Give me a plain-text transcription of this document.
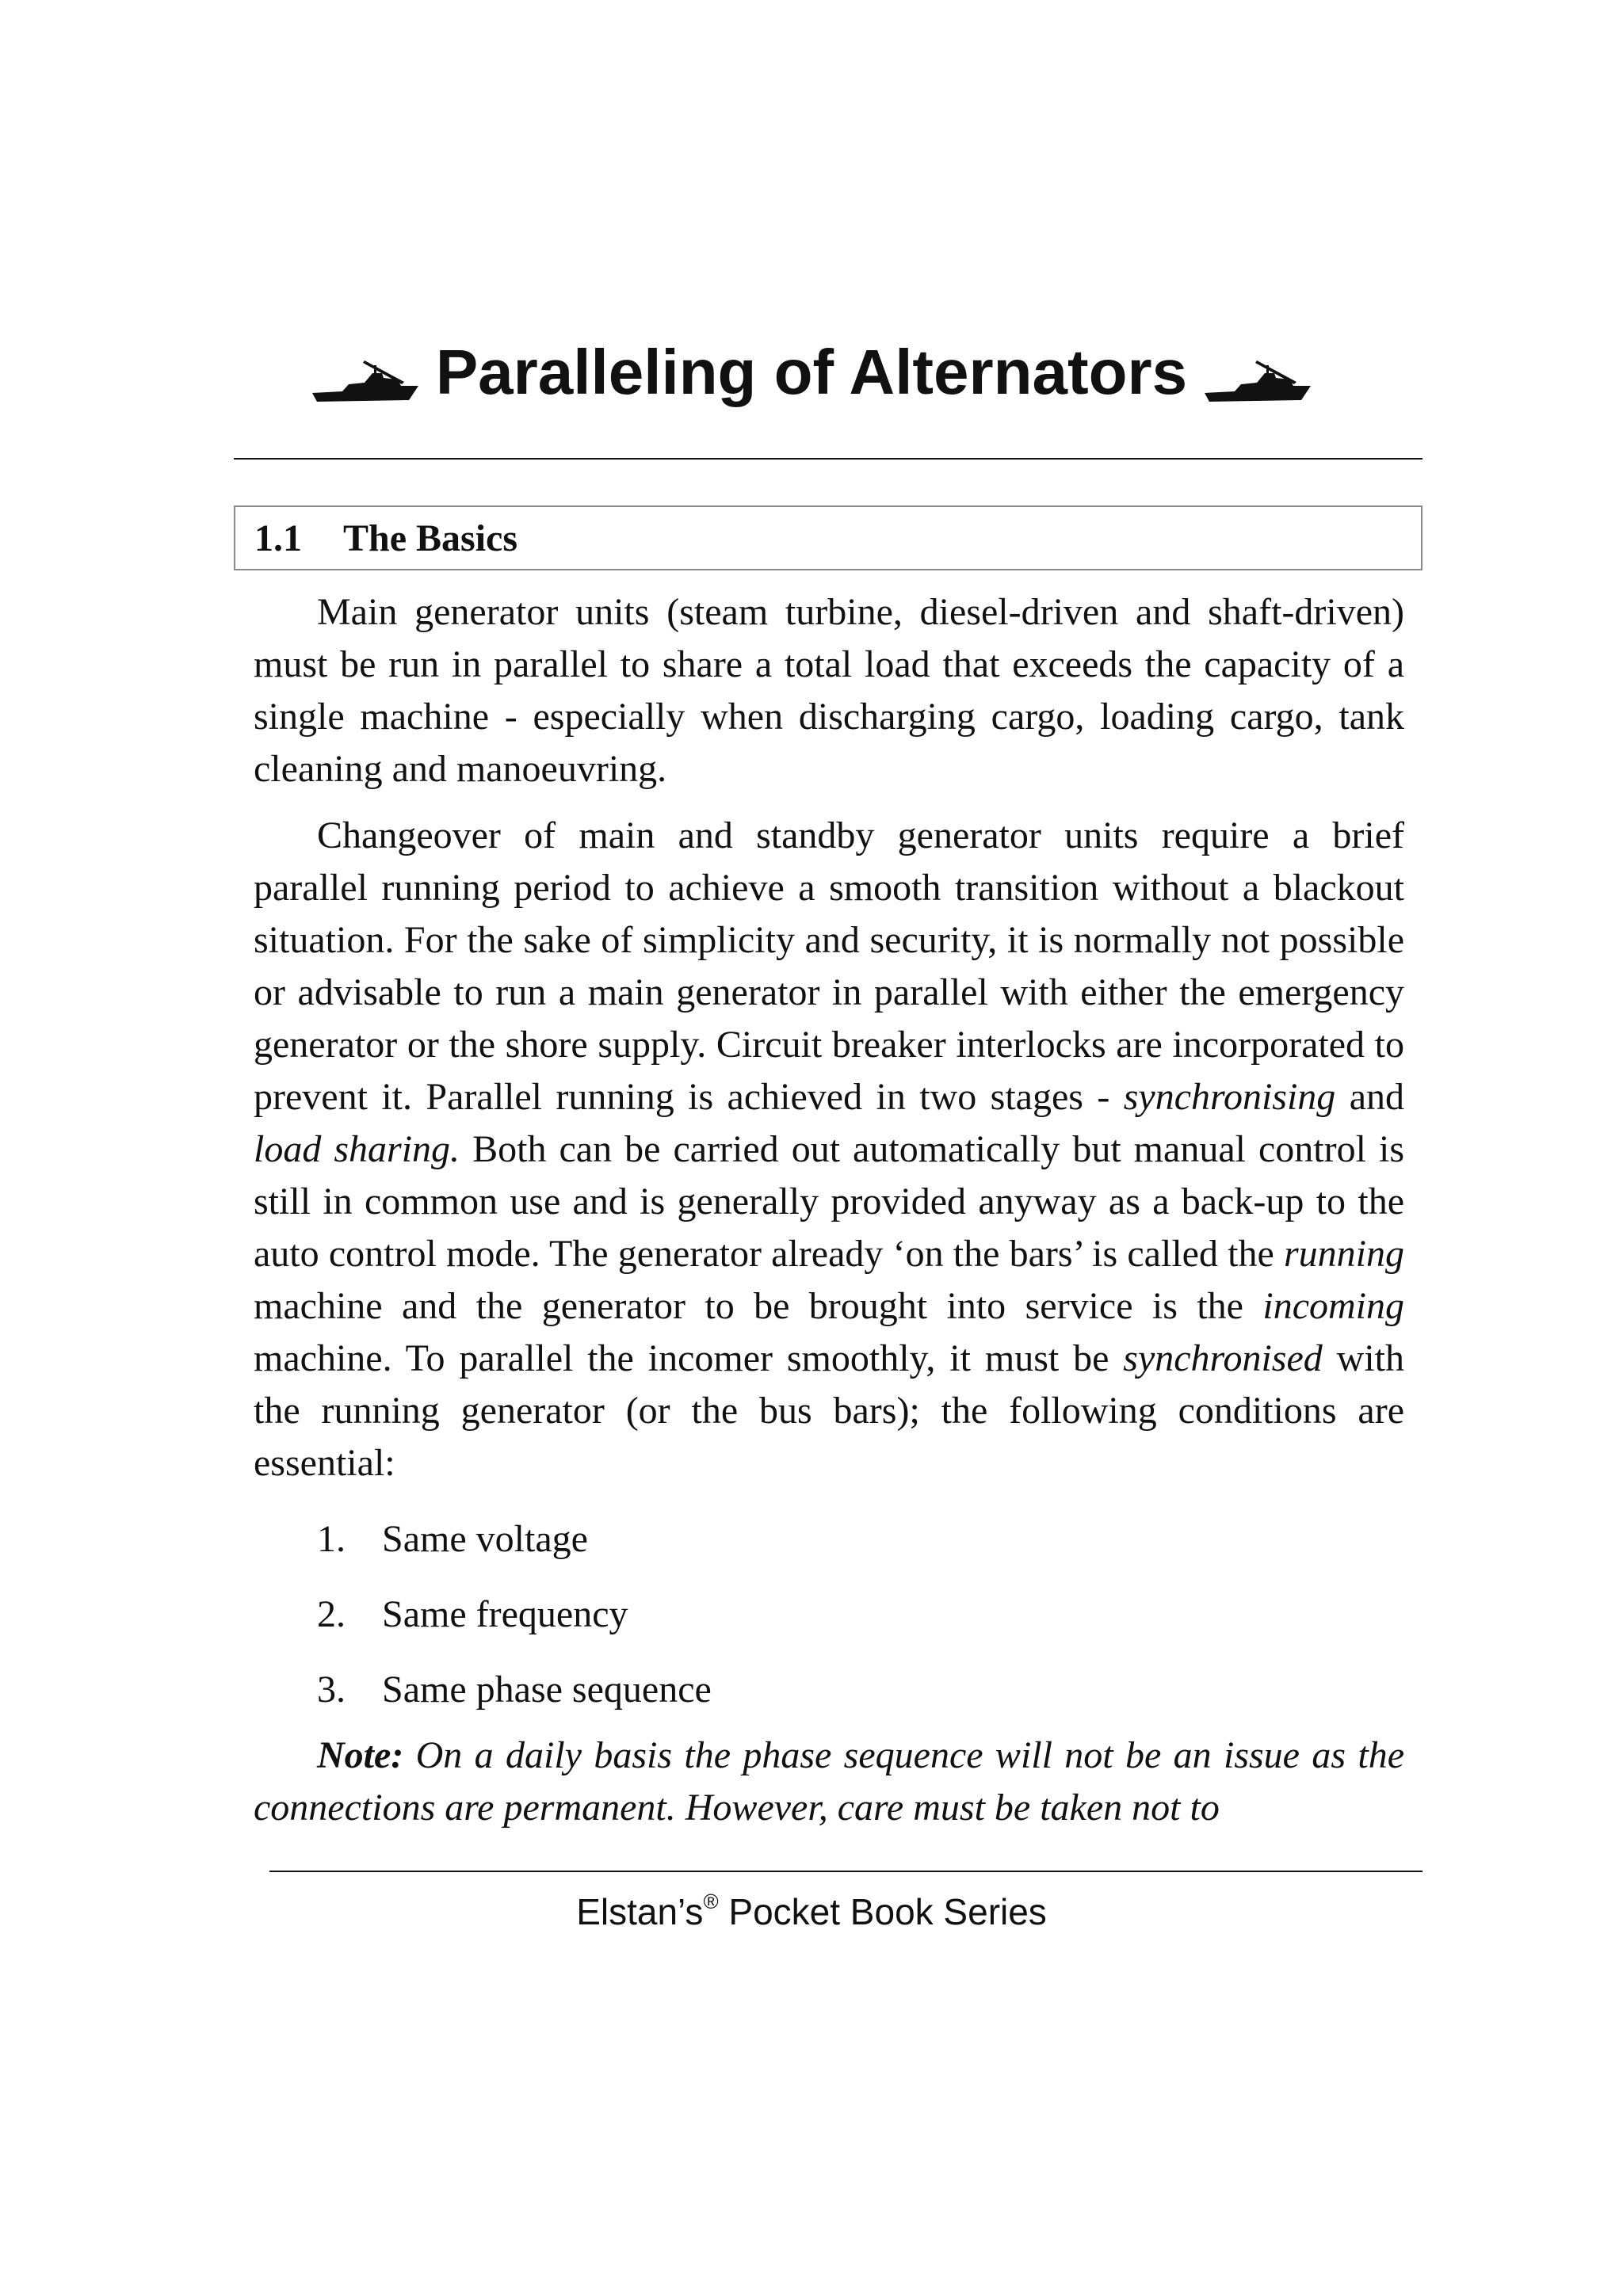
Paralleling of Alternators
1.1	The Basics

Main generator units (steam turbine, diesel-driven and shaft-driven) must be run in parallel to share a total load that exceeds the capacity of a single machine - especially when discharging cargo, loading cargo, tank cleaning and manoeuvring.

Changeover of main and standby generator units require a brief parallel running period to achieve a smooth transition without a blackout situation. For the sake of simplicity and security, it is normally not possible or advisable to run a main generator in parallel with either the emergency generator or the shore supply. Circuit breaker interlocks are incorporated to prevent it. Parallel running is achieved in two stages - synchronising and load sharing. Both can be carried out automatically but manual control is still in common use and is generally provided anyway as a back-up to the auto control mode. The generator already ‘on the bars’ is called the running machine and the generator to be brought into service is the incoming machine. To parallel the incomer smoothly, it must be synchronised with the running generator (or the bus bars); the following conditions are essential:

1. Same voltage
2. Same frequency
3. Same phase sequence

Note: On a daily basis the phase sequence will not be an issue as the connections are permanent. However, care must be taken not to

Elstan’s® Pocket Book Series
